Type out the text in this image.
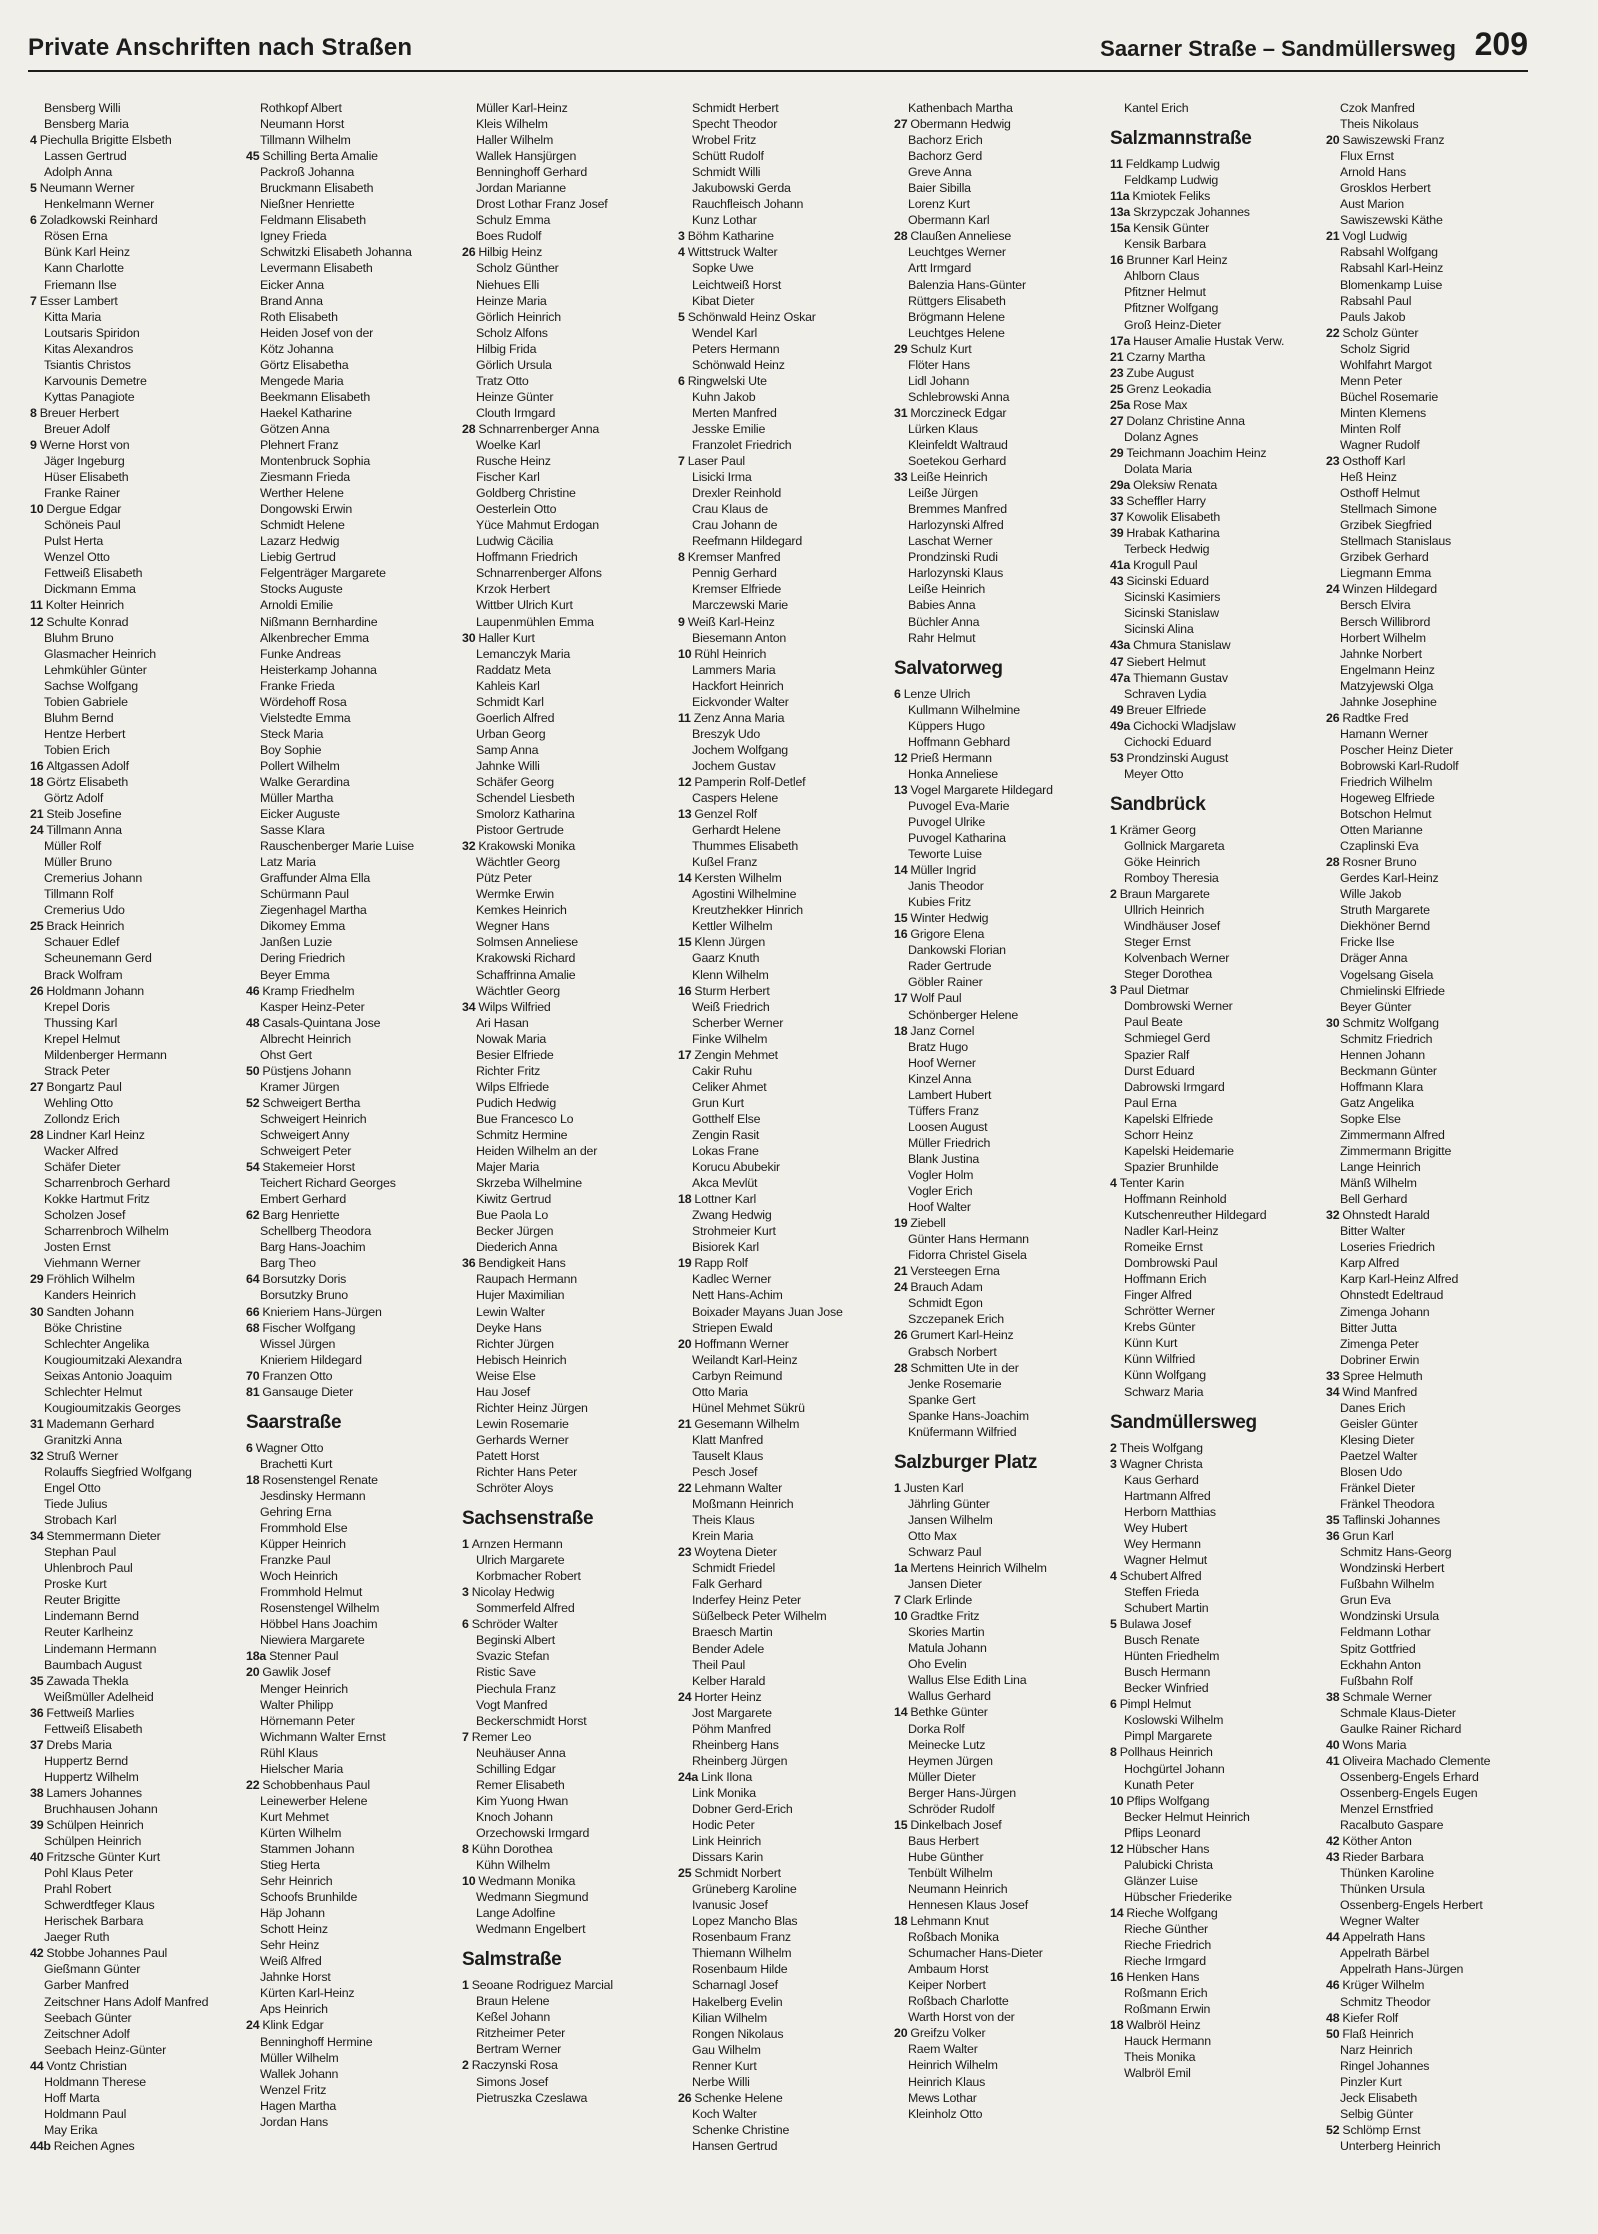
Private Anschriften nach Straßen	Saarner Straße – Sandmüllersweg 209
Bensberg Willi
Bensberg Maria
4 Piechulla Brigitte Elsbeth
Lassen Gertrud
Adolph Anna
5 Neumann Werner
Henkelmann Werner
6 Zoladkowski Reinhard
Rösen Erna
Bünk Karl Heinz
Kann Charlotte
Friemann Ilse
7 Esser Lambert
Kitta Maria
Loutsaris Spiridon
Kitas Alexandros
Tsiantis Christos
Karvounis Demetre
Kyttas Panagiote
8 Breuer Herbert
Breuer Adolf
9 Werne Horst von
Jäger Ingeburg
Hüser Elisabeth
Franke Rainer
10 Dergue Edgar
Schöneis Paul
Pulst Herta
Wenzel Otto
Fettweiß Elisabeth
Dickmann Emma
11 Kolter Heinrich
12 Schulte Konrad
Bluhm Bruno
Glasmacher Heinrich
Lehmkühler Günter
Sachse Wolfgang
Tobien Gabriele
Bluhm Bernd
Hentze Herbert
Tobien Erich
16 Altgassen Adolf
18 Görtz Elisabeth
Görtz Adolf
21 Steib Josefine
24 Tillmann Anna
Müller Rolf
Müller Bruno
Cremerius Johann
Tillmann Rolf
Cremerius Udo
25 Brack Heinrich
Schauer Edlef
Scheunemann Gerd
Brack Wolfram
26 Holdmann Johann
Krepel Doris
Thussing Karl
Krepel Helmut
Mildenberger Hermann
Strack Peter
27 Bongartz Paul
Wehling Otto
Zollondz Erich
28 Lindner Karl Heinz
Wacker Alfred
Schäfer Dieter
Scharrenbroch Gerhard
Kokke Hartmut Fritz
Scholzen Josef
Scharrenbroch Wilhelm
Josten Ernst
Viehmann Werner
29 Fröhlich Wilhelm
Kanders Heinrich
30 Sandten Johann
Böke Christine
Schlechter Angelika
Kougioumitzaki Alexandra
Seixas Antonio Joaquim
Schlechter Helmut
Kougioumitzakis Georges
31 Mademann Gerhard
Granitzki Anna
32 Struß Werner
Rolauffs Siegfried Wolfgang
Engel Otto
Tiede Julius
Strobach Karl
34 Stemmermann Dieter
Stephan Paul
Uhlenbroch Paul
Proske Kurt
Reuter Brigitte
Lindemann Bernd
Reuter Karlheinz
Lindemann Hermann
Baumbach August
35 Zawada Thekla
Weißmüller Adelheid
36 Fettweiß Marlies
Fettweiß Elisabeth
37 Drebs Maria
Huppertz Bernd
Huppertz Wilhelm
38 Lamers Johannes
Bruchhausen Johann
39 Schülpen Heinrich
Schülpen Heinrich
40 Fritzsche Günter Kurt
Pohl Klaus Peter
Prahl Robert
Schwerdtfeger Klaus
Herischek Barbara
Jaeger Ruth
42 Stobbe Johannes Paul
Gießmann Günter
Garber Manfred
Zeitschner Hans Adolf Manfred
Seebach Günter
Zeitschner Adolf
Seebach Heinz-Günter
44 Vontz Christian
Holdmann Therese
Hoff Marta
Holdmann Paul
May Erika
44b Reichen Agnes
Rothkopf Albert
Neumann Horst
Tillmann Wilhelm
45 Schilling Berta Amalie
Packroß Johanna
Bruckmann Elisabeth
Nießner Henriette
Feldmann Elisabeth
Igney Frieda
Schwitzki Elisabeth Johanna
Levermann Elisabeth
Eicker Anna
Brand Anna
Roth Elisabeth
Heiden Josef von der
Kötz Johanna
Görtz Elisabetha
Mengede Maria
Beekmann Elisabeth
Haekel Katharine
Götzen Anna
Plehnert Franz
Montenbruck Sophia
Ziesmann Frieda
Werther Helene
Dongowski Erwin
Schmidt Helene
Lazarz Hedwig
Liebig Gertrud
Felgenträger Margarete
Stocks Auguste
Arnoldi Emilie
Nißmann Bernhardine
Alkenbrecher Emma
Funke Andreas
Heisterkamp Johanna
Franke Frieda
Wördehoff Rosa
Vielstedte Emma
Steck Maria
Boy Sophie
Pollert Wilhelm
Walke Gerardina
Müller Martha
Eicker Auguste
Sasse Klara
Rauschenberger Marie Luise
Latz Maria
Graffunder Alma Ella
Schürmann Paul
Ziegenhagel Martha
Dikomey Emma
Janßen Luzie
Dering Friedrich
Beyer Emma
46 Kramp Friedhelm
Kasper Heinz-Peter
48 Casals-Quintana Jose
Albrecht Heinrich
Ohst Gert
50 Püstjens Johann
Kramer Jürgen
52 Schweigert Bertha
Schweigert Heinrich
Schweigert Anny
Schweigert Peter
54 Stakemeier Horst
Teichert Richard Georges
Embert Gerhard
62 Barg Henriette
Schellberg Theodora
Barg Hans-Joachim
Barg Theo
64 Borsutzky Doris
Borsutzky Bruno
66 Knieriem Hans-Jürgen
68 Fischer Wolfgang
Wissel Jürgen
Knieriem Hildegard
70 Franzen Otto
81 Gansauge Dieter
Saarstraße
6 Wagner Otto
Brachetti Kurt
18 Rosenstengel Renate
Jesdinsky Hermann
Gehring Erna
Frommhold Else
Küpper Heinrich
Franzke Paul
Woch Heinrich
Frommhold Helmut
Rosenstengel Wilhelm
Höbbel Hans Joachim
Niewiera Margarete
18a Stenner Paul
20 Gawlik Josef
Menger Heinrich
Walter Philipp
Hörnemann Peter
Wichmann Walter Ernst
Rühl Klaus
Hielscher Maria
22 Schobbenhaus Paul
Leinewerber Helene
Kurt Mehmet
Kürten Wilhelm
Stammen Johann
Stieg Herta
Sehr Heinrich
Schoofs Brunhilde
Häp Johann
Schott Heinz
Sehr Heinz
Weiß Alfred
Jahnke Horst
Kürten Karl-Heinz
Aps Heinrich
24 Klink Edgar
Benninghoff Hermine
Müller Wilhelm
Wallek Johann
Wenzel Fritz
Hagen Martha
Jordan Hans
Müller Karl-Heinz
Kleis Wilhelm
Haller Wilhelm
Wallek Hansjürgen
Benninghoff Gerhard
Jordan Marianne
Drost Lothar Franz Josef
Schulz Emma
Boes Rudolf
26 Hilbig Heinz
Scholz Günther
Niehues Elli
Heinze Maria
Görlich Heinrich
Scholz Alfons
Hilbig Frida
Görlich Ursula
Tratz Otto
Heinze Günter
Clouth Irmgard
28 Schnarrenberger Anna
Woelke Karl
Rusche Heinz
Fischer Karl
Goldberg Christine
Oesterlein Otto
Yüce Mahmut Erdogan
Ludwig Cäcilia
Hoffmann Friedrich
Schnarrenberger Alfons
Krzok Herbert
Wittber Ulrich Kurt
Laupenmühlen Emma
30 Haller Kurt
Lemanczyk Maria
Raddatz Meta
Kahleis Karl
Schmidt Karl
Goerlich Alfred
Urban Georg
Samp Anna
Jahnke Willi
Schäfer Georg
Schendel Liesbeth
Smolorz Katharina
Pistoor Gertrude
32 Krakowski Monika
Wächtler Georg
Pütz Peter
Wermke Erwin
Kemkes Heinrich
Wegner Hans
Solmsen Anneliese
Krakowski Richard
Schaffrinna Amalie
Wächtler Georg
34 Wilps Wilfried
Ari Hasan
Nowak Maria
Besier Elfriede
Richter Fritz
Wilps Elfriede
Pudich Hedwig
Bue Francesco Lo
Schmitz Hermine
Heiden Wilhelm an der
Majer Maria
Skrzeba Wilhelmine
Kiwitz Gertrud
Bue Paola Lo
Becker Jürgen
Diederich Anna
36 Bendigkeit Hans
Raupach Hermann
Hujer Maximilian
Lewin Walter
Deyke Hans
Richter Jürgen
Hebisch Heinrich
Weise Else
Hau Josef
Richter Heinz Jürgen
Lewin Rosemarie
Gerhards Werner
Patett Horst
Richter Hans Peter
Schröter Aloys
Sachsenstraße
1 Arnzen Hermann
Ulrich Margarete
Korbmacher Robert
3 Nicolay Hedwig
Sommerfeld Alfred
6 Schröder Walter
Beginski Albert
Svazic Stefan
Ristic Save
Piechula Franz
Vogt Manfred
Beckerschmidt Horst
7 Remer Leo
Neuhäuser Anna
Schilling Edgar
Remer Elisabeth
Kim Yuong Hwan
Knoch Johann
Orzechowski Irmgard
8 Kühn Dorothea
Kühn Wilhelm
10 Wedmann Monika
Wedmann Siegmund
Lange Adolfine
Wedmann Engelbert
Salmstraße
1 Seoane Rodriguez Marcial
Braun Helene
Keßel Johann
Ritzheimer Peter
Bertram Werner
2 Raczynski Rosa
Simons Josef
Pietruszka Czeslawa
Schmidt Herbert
Specht Theodor
Wrobel Fritz
Schütt Rudolf
Schmidt Willi
Jakubowski Gerda
Rauchfleisch Johann
Kunz Lothar
3 Böhm Katharine
4 Wittstruck Walter
Sopke Uwe
Leichtweiß Horst
Kibat Dieter
5 Schönwald Heinz Oskar
Wendel Karl
Peters Hermann
Schönwald Heinz
6 Ringwelski Ute
Kuhn Jakob
Merten Manfred
Jesske Emilie
Franzolet Friedrich
7 Laser Paul
Lisicki Irma
Drexler Reinhold
Crau Klaus de
Crau Johann de
Reefmann Hildegard
8 Kremser Manfred
Pennig Gerhard
Kremser Elfriede
Marczewski Marie
9 Weiß Karl-Heinz
Biesemann Anton
10 Rühl Heinrich
Lammers Maria
Hackfort Heinrich
Eickvonder Walter
11 Zenz Anna Maria
Breszyk Udo
Jochem Wolfgang
Jochem Gustav
12 Pamperin Rolf-Detlef
Caspers Helene
13 Genzel Rolf
Gerhardt Helene
Thummes Elisabeth
Kußel Franz
14 Kersten Wilhelm
Agostini Wilhelmine
Kreutzhekker Hinrich
Kettler Wilhelm
15 Klenn Jürgen
Gaarz Knuth
Klenn Wilhelm
16 Sturm Herbert
Weiß Friedrich
Scherber Werner
Finke Wilhelm
17 Zengin Mehmet
Cakir Ruhu
Celiker Ahmet
Grun Kurt
Gotthelf Else
Zengin Rasit
Lokas Frane
Korucu Abubekir
Akca Mevlüt
18 Lottner Karl
Zwang Hedwig
Strohmeier Kurt
Bisiorek Karl
19 Rapp Rolf
Kadlec Werner
Nett Hans-Achim
Boixader Mayans Juan Jose
Striepen Ewald
20 Hoffmann Werner
Weilandt Karl-Heinz
Carbyn Reimund
Otto Maria
Hünel Mehmet Sükrü
21 Gesemann Wilhelm
Klatt Manfred
Tauselt Klaus
Pesch Josef
22 Lehmann Walter
Moßmann Heinrich
Theis Klaus
Krein Maria
23 Woytena Dieter
Schmidt Friedel
Falk Gerhard
Inderfey Heinz Peter
Süßelbeck Peter Wilhelm
Braesch Martin
Bender Adele
Theil Paul
Kelber Harald
24 Horter Heinz
Jost Margarete
Pöhm Manfred
Rheinberg Hans
Rheinberg Jürgen
24a Link Ilona
Link Monika
Dobner Gerd-Erich
Hodic Peter
Link Heinrich
Dissars Karin
25 Schmidt Norbert
Grüneberg Karoline
Ivanusic Josef
Lopez Mancho Blas
Rosenbaum Franz
Thiemann Wilhelm
Rosenbaum Hilde
Scharnagl Josef
Hakelberg Evelin
Kilian Wilhelm
Rongen Nikolaus
Gau Wilhelm
Renner Kurt
Nerbe Willi
26 Schenke Helene
Koch Walter
Schenke Christine
Hansen Gertrud
Kathenbach Martha
27 Obermann Hedwig
Bachorz Erich
Bachorz Gerd
Greve Anna
Baier Sibilla
Lorenz Kurt
Obermann Karl
28 Claußen Anneliese
Leuchtges Werner
Artt Irmgard
Balenzia Hans-Günter
Rüttgers Elisabeth
Brögmann Helene
Leuchtges Helene
29 Schulz Kurt
Flöter Hans
Lidl Johann
Schlebrowski Anna
31 Morczineck Edgar
Lürken Klaus
Kleinfeldt Waltraud
Soetekou Gerhard
33 Leiße Heinrich
Leiße Jürgen
Bremmes Manfred
Harlozynski Alfred
Laschat Werner
Prondzinski Rudi
Harlozynski Klaus
Leiße Heinrich
Babies Anna
Büchler Anna
Rahr Helmut
Salvatorweg
6 Lenze Ulrich
Kullmann Wilhelmine
Küppers Hugo
Hoffmann Gebhard
12 Prieß Hermann
Honka Anneliese
13 Vogel Margarete Hildegard
Puvogel Eva-Marie
Puvogel Ulrike
Puvogel Katharina
Teworte Luise
14 Müller Ingrid
Janis Theodor
Kubies Fritz
15 Winter Hedwig
16 Grigore Elena
Dankowski Florian
Rader Gertrude
Göbler Rainer
17 Wolf Paul
Schönberger Helene
18 Janz Cornel
Bratz Hugo
Hoof Werner
Kinzel Anna
Lambert Hubert
Tüffers Franz
Loosen August
Müller Friedrich
Blank Justina
Vogler Holm
Vogler Erich
Hoof Walter
19 Ziebell
Günter Hans Hermann
Fidorra Christel Gisela
21 Versteegen Erna
24 Brauch Adam
Schmidt Egon
Szczepanek Erich
26 Grumert Karl-Heinz
Grabsch Norbert
28 Schmitten Ute in der
Jenke Rosemarie
Spanke Gert
Spanke Hans-Joachim
Knüfermann Wilfried
Salzburger Platz
1 Justen Karl
Jährling Günter
Jansen Wilhelm
Otto Max
Schwarz Paul
1a Mertens Heinrich Wilhelm
Jansen Dieter
7 Clark Erlinde
10 Gradtke Fritz
Skories Martin
Matula Johann
Oho Evelin
Wallus Else Edith Lina
Wallus Gerhard
14 Bethke Günter
Dorka Rolf
Meinecke Lutz
Heymen Jürgen
Müller Dieter
Berger Hans-Jürgen
Schröder Rudolf
15 Dinkelbach Josef
Baus Herbert
Hube Günther
Tenbült Wilhelm
Neumann Heinrich
Hennesen Klaus Josef
18 Lehmann Knut
Roßbach Monika
Schumacher Hans-Dieter
Ambaum Horst
Keiper Norbert
Roßbach Charlotte
Warth Horst von der
20 Greifzu Volker
Raem Walter
Heinrich Wilhelm
Heinrich Klaus
Mews Lothar
Kleinholz Otto
Kantel Erich
Salzmannstraße
11 Feldkamp Ludwig
Feldkamp Ludwig
11a Kmiotek Feliks
13a Skrzypczak Johannes
15a Kensik Günter
Kensik Barbara
16 Brunner Karl Heinz
Ahlborn Claus
Pfitzner Helmut
Pfitzner Wolfgang
Groß Heinz-Dieter
17a Hauser Amalie Hustak Verw.
21 Czarny Martha
23 Zube August
25 Grenz Leokadia
25a Rose Max
27 Dolanz Christine Anna
Dolanz Agnes
29 Teichmann Joachim Heinz
Dolata Maria
29a Oleksiw Renata
33 Scheffler Harry
37 Kowolik Elisabeth
39 Hrabak Katharina
Terbeck Hedwig
41a Krogull Paul
43 Sicinski Eduard
Sicinski Kasimiers
Sicinski Stanislaw
Sicinski Alina
43a Chmura Stanislaw
47 Siebert Helmut
47a Thiemann Gustav
Schraven Lydia
49 Breuer Elfriede
49a Cichocki Wladjslaw
Cichocki Eduard
53 Prondzinski August
Meyer Otto
Sandbrück
1 Krämer Georg
Gollnick Margareta
Göke Heinrich
Romboy Theresia
2 Braun Margarete
Ullrich Heinrich
Windhäuser Josef
Steger Ernst
Kolvenbach Werner
Steger Dorothea
3 Paul Dietmar
Dombrowski Werner
Paul Beate
Schmiegel Gerd
Spazier Ralf
Durst Eduard
Dabrowski Irmgard
Paul Erna
Kapelski Elfriede
Schorr Heinz
Kapelski Heidemarie
Spazier Brunhilde
4 Tenter Karin
Hoffmann Reinhold
Kutschenreuther Hildegard
Nadler Karl-Heinz
Romeike Ernst
Dombrowski Paul
Hoffmann Erich
Finger Alfred
Schrötter Werner
Krebs Günter
Künn Kurt
Künn Wilfried
Künn Wolfgang
Schwarz Maria
Sandmüllersweg
2 Theis Wolfgang
3 Wagner Christa
Kaus Gerhard
Hartmann Alfred
Herborn Matthias
Wey Hubert
Wey Hermann
Wagner Helmut
4 Schubert Alfred
Steffen Frieda
Schubert Martin
5 Bulawa Josef
Busch Renate
Hünten Friedhelm
Busch Hermann
Becker Winfried
6 Pimpl Helmut
Koslowski Wilhelm
Pimpl Margarete
8 Pollhaus Heinrich
Hochgürtel Johann
Kunath Peter
10 Pflips Wolfgang
Becker Helmut Heinrich
Pflips Leonard
12 Hübscher Hans
Palubicki Christa
Glänzer Luise
Hübscher Friederike
14 Rieche Wolfgang
Rieche Günther
Rieche Friedrich
Rieche Irmgard
16 Henken Hans
Roßmann Erich
Roßmann Erwin
18 Walbröl Heinz
Hauck Hermann
Theis Monika
Walbröl Emil
Czok Manfred
Theis Nikolaus
20 Sawiszewski Franz
Flux Ernst
Arnold Hans
Grosklos Herbert
Aust Marion
Sawiszewski Käthe
21 Vogl Ludwig
Rabsahl Wolfgang
Rabsahl Karl-Heinz
Blomenkamp Luise
Rabsahl Paul
Pauls Jakob
22 Scholz Günter
Scholz Sigrid
Wohlfahrt Margot
Menn Peter
Büchel Rosemarie
Minten Klemens
Minten Rolf
Wagner Rudolf
23 Osthoff Karl
Heß Heinz
Osthoff Helmut
Stellmach Simone
Grzibek Siegfried
Stellmach Stanislaus
Grzibek Gerhard
Liegmann Emma
24 Winzen Hildegard
Bersch Elvira
Bersch Willibrord
Horbert Wilhelm
Jahnke Norbert
Engelmann Heinz
Matzyjewski Olga
Jahnke Josephine
26 Radtke Fred
Hamann Werner
Poscher Heinz Dieter
Bobrowski Karl-Rudolf
Friedrich Wilhelm
Hogeweg Elfriede
Botschon Helmut
Otten Marianne
Czaplinski Eva
28 Rosner Bruno
Gerdes Karl-Heinz
Wille Jakob
Struth Margarete
Diekhöner Bernd
Fricke Ilse
Dräger Anna
Vogelsang Gisela
Chmielinski Elfriede
Beyer Günter
30 Schmitz Wolfgang
Schmitz Friedrich
Hennen Johann
Beckmann Günter
Hoffmann Klara
Gatz Angelika
Sopke Else
Zimmermann Alfred
Zimmermann Brigitte
Lange Heinrich
Mänß Wilhelm
Bell Gerhard
32 Ohnstedt Harald
Bitter Walter
Loseries Friedrich
Karp Alfred
Karp Karl-Heinz Alfred
Ohnstedt Edeltraud
Zimenga Johann
Bitter Jutta
Zimenga Peter
Dobriner Erwin
33 Spree Helmuth
34 Wind Manfred
Danes Erich
Geisler Günter
Klesing Dieter
Paetzel Walter
Blosen Udo
Fränkel Dieter
Fränkel Theodora
35 Taflinski Johannes
36 Grun Karl
Schmitz Hans-Georg
Wondzinski Herbert
Fußbahn Wilhelm
Grun Eva
Wondzinski Ursula
Feldmann Lothar
Spitz Gottfried
Eckhahn Anton
Fußbahn Rolf
38 Schmale Werner
Schmale Klaus-Dieter
Gaulke Rainer Richard
40 Wons Maria
41 Oliveira Machado Clemente
Ossenberg-Engels Erhard
Ossenberg-Engels Eugen
Menzel Ernstfried
Racalbuto Gaspare
42 Köther Anton
43 Rieder Barbara
Thünken Karoline
Thünken Ursula
Ossenberg-Engels Herbert
Wegner Walter
44 Appelrath Hans
Appelrath Bärbel
Appelrath Hans-Jürgen
46 Krüger Wilhelm
Schmitz Theodor
48 Kiefer Rolf
50 Flaß Heinrich
Narz Heinrich
Ringel Johannes
Pinzler Kurt
Jeck Elisabeth
Selbig Günter
52 Schlömp Ernst
Unterberg Heinrich
